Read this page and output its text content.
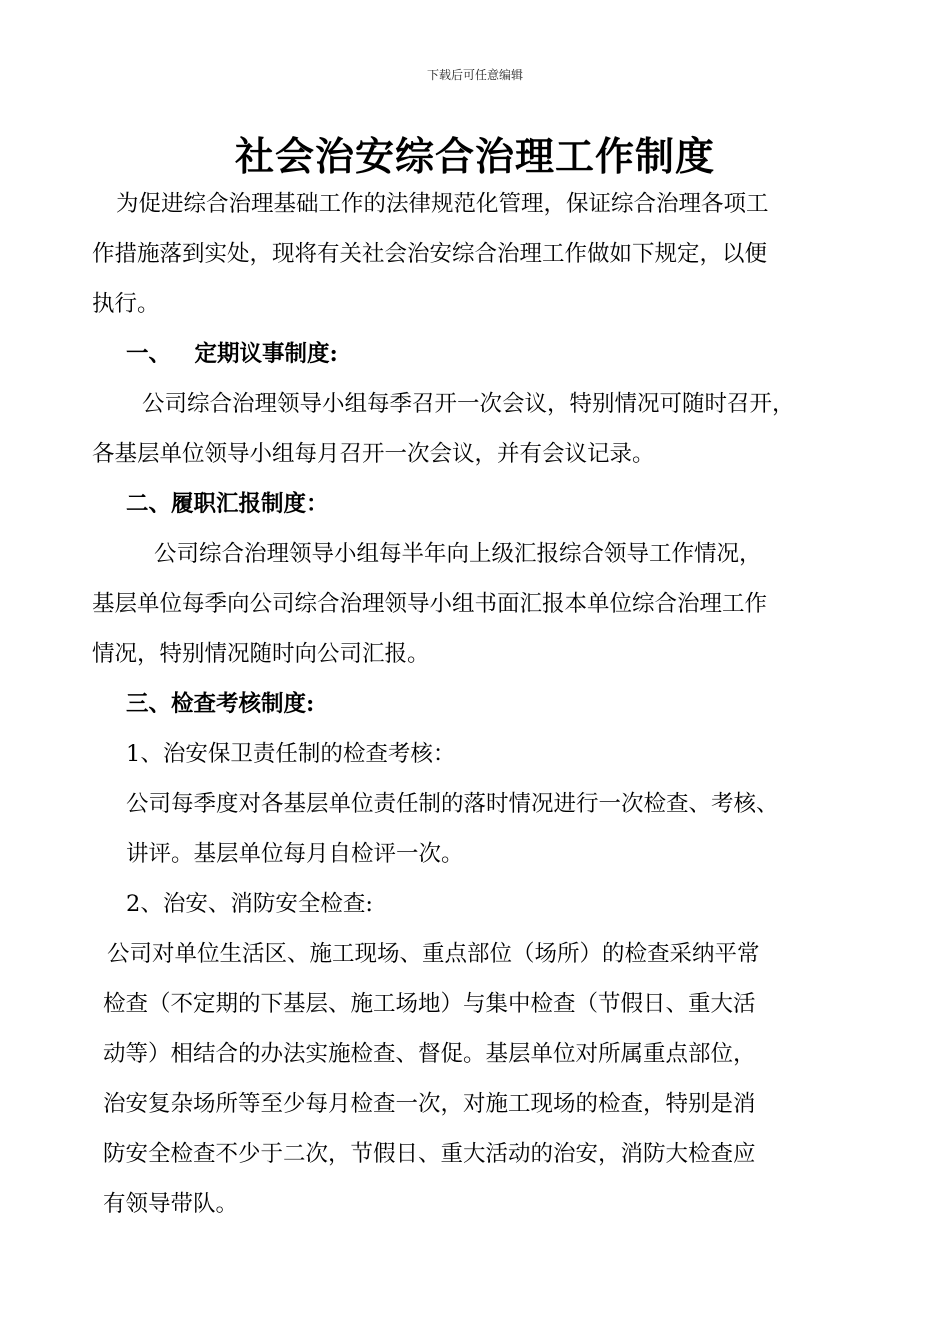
下载后可任意编辑
社会治安综合治理工作制度
为促进综合治理基础工作的法律规范化管理，保证综合治理各项工
作措施落到实处，现将有关社会治安综合治理工作做如下规定，以便
执行。
一、   定期议事制度:
公司综合治理领导小组每季召开一次会议，特别情况可随时召开，
各基层单位领导小组每月召开一次会议，并有会议记录。
二、履职汇报制度：
公司综合治理领导小组每半年向上级汇报综合领导工作情况，
基层单位每季向公司综合治理领导小组书面汇报本单位综合治理工作
情况，特别情况随时向公司汇报。
三、检查考核制度:
1、治安保卫责任制的检查考核：
公司每季度对各基层单位责任制的落时情况进行一次检查、考核、
讲评。基层单位每月自检评一次。
2、治安、消防安全检查:
公司对单位生活区、施工现场、重点部位（场所）的检查采纳平常
检查（不定期的下基层、施工场地）与集中检查（节假日、重大活
动等）相结合的办法实施检查、督促。基层单位对所属重点部位，
治安复杂场所等至少每月检查一次，对施工现场的检查，特别是消
防安全检查不少于二次，节假日、重大活动的治安，消防大检查应
有领导带队。
